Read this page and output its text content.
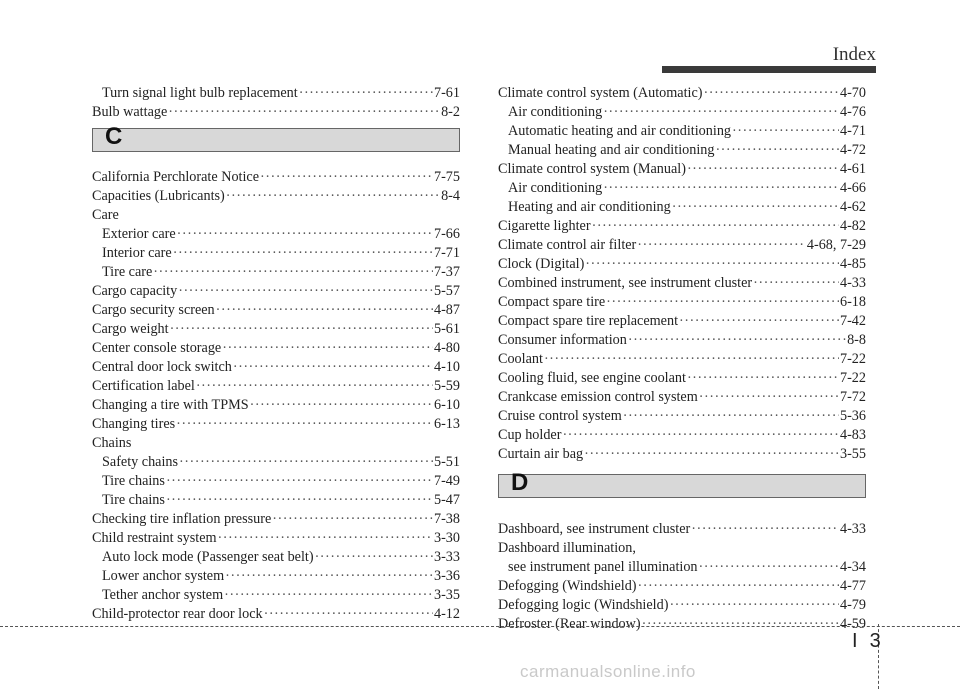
Index
Turn signal light bulb replacement ·····	7-61
Bulb wattage ·····	8-2
C
California Perchlorate Notice ·····	7-75
Capacities (Lubricants) ·····	8-4
Care
Exterior care ·····	7-66
Interior care ·····	7-71
Tire care ·····	7-37
Cargo capacity ·····	5-57
Cargo security screen ·····	4-87
Cargo weight ·····	5-61
Center console storage ·····	4-80
Central door lock switch ·····	4-10
Certification label ·····	5-59
Changing a tire with TPMS ·····	6-10
Changing tires ·····	6-13
Chains
Safety chains ·····	5-51
Tire chains ·····	7-49
Tire chains ·····	5-47
Checking tire inflation pressure ·····	7-38
Child restraint system ·····	3-30
Auto lock mode (Passenger seat belt) ·····	3-33
Lower anchor system ·····	3-36
Tether anchor system ·····	3-35
Child-protector rear door lock ·····	4-12
Climate control system (Automatic) ·····	4-70
Air conditioning ·····	4-76
Automatic heating and air conditioning ·····	4-71
Manual heating and air conditioning ·····	4-72
Climate control system (Manual) ·····	4-61
Air conditioning ·····	4-66
Heating and air conditioning ·····	4-62
Cigarette lighter ·····	4-82
Climate control air filter ·····	4-68, 7-29
Clock (Digital) ·····	4-85
Combined instrument, see instrument cluster ·····	4-33
Compact spare tire ·····	6-18
Compact spare tire replacement ·····	7-42
Consumer information ·····	8-8
Coolant ·····	7-22
Cooling fluid, see engine coolant ·····	7-22
Crankcase emission control system ·····	7-72
Cruise control system ·····	5-36
Cup holder ·····	4-83
Curtain air bag ·····	3-55
D
Dashboard, see instrument cluster ·····	4-33
Dashboard illumination,
see instrument panel illumination ·····	4-34
Defogging (Windshield) ·····	4-77
Defogging logic (Windshield) ·····	4-79
Defroster (Rear window) ·····	4-59
I 3
carmanualsonline.info
